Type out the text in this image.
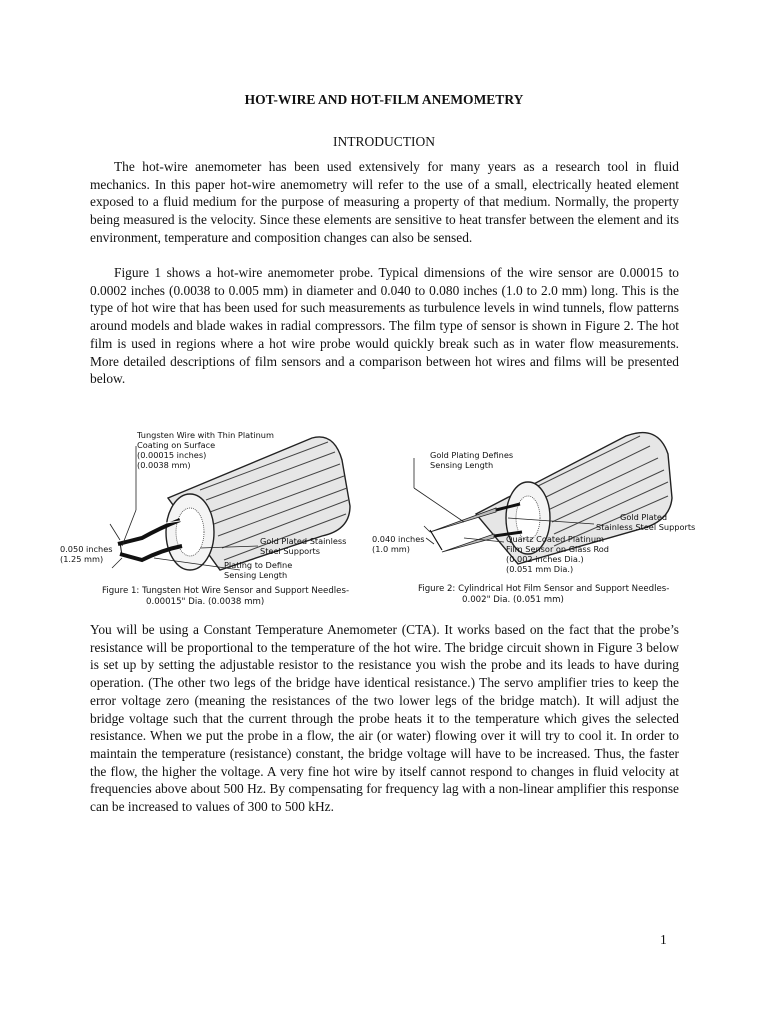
HOT-WIRE AND HOT-FILM ANEMOMETRY
INTRODUCTION

The hot-wire anemometer has been used extensively for many years as a research tool in fluid mechanics. In this paper hot-wire anemometry will refer to the use of a small, electrically heated element exposed to a fluid medium for the purpose of measuring a property of that medium. Normally, the property being measured is the velocity. Since these elements are sensitive to heat transfer between the element and its environment, temperature and composition changes can also be sensed.

Figure 1 shows a hot-wire anemometer probe. Typical dimensions of the wire sensor are 0.00015 to 0.0002 inches (0.0038 to 0.005 mm) in diameter and 0.040 to 0.080 inches (1.0 to 2.0 mm) long. This is the type of hot wire that has been used for such measurements as turbulence levels in wind tunnels, flow patterns around models and blade wakes in radial compressors. The film type of sensor is shown in Figure 2. The hot film is used in regions where a hot wire probe would quickly break such as in water flow measurements. More detailed descriptions of film sensors and a comparison between hot wires and films will be presented below.

Tungsten Wire with Thin Platinum
Coating on Surface
(0.00015 inches)
(0.0038 mm)
0.050 inches
(1.25 mm)
Gold Plated Stainless
Steel Supports
Plating to Define
Sensing Length
Figure 1: Tungsten Hot Wire Sensor and Support Needles-
0.00015" Dia. (0.0038 mm)
Gold Plating Defines
Sensing Length
Gold Plated
Stainless Steel Supports
0.040 inches
(1.0 mm)
Quartz Coated Platinum
Film Sensor on Glass Rod
(0.002 inches Dia.)
(0.051 mm Dia.)
Figure 2: Cylindrical Hot Film Sensor and Support Needles-
0.002" Dia. (0.051 mm)

You will be using a Constant Temperature Anemometer (CTA). It works based on the fact that the probe’s resistance will be proportional to the temperature of the hot wire. The bridge circuit shown in Figure 3 below is set up by setting the adjustable resistor to the resistance you wish the probe and its leads to have during operation. (The other two legs of the bridge have identical resistance.) The servo amplifier tries to keep the error voltage zero (meaning the resistances of the two lower legs of the bridge match). It will adjust the bridge voltage such that the current through the probe heats it to the temperature which gives the selected resistance. When we put the probe in a flow, the air (or water) flowing over it will try to cool it. In order to maintain the temperature (resistance) constant, the bridge voltage will have to be increased. Thus, the faster the flow, the higher the voltage. A very fine hot wire by itself cannot respond to changes in fluid velocity at frequencies above about 500 Hz. By compensating for frequency lag with a non-linear amplifier this response can be increased to values of 300 to 500 kHz.

1
